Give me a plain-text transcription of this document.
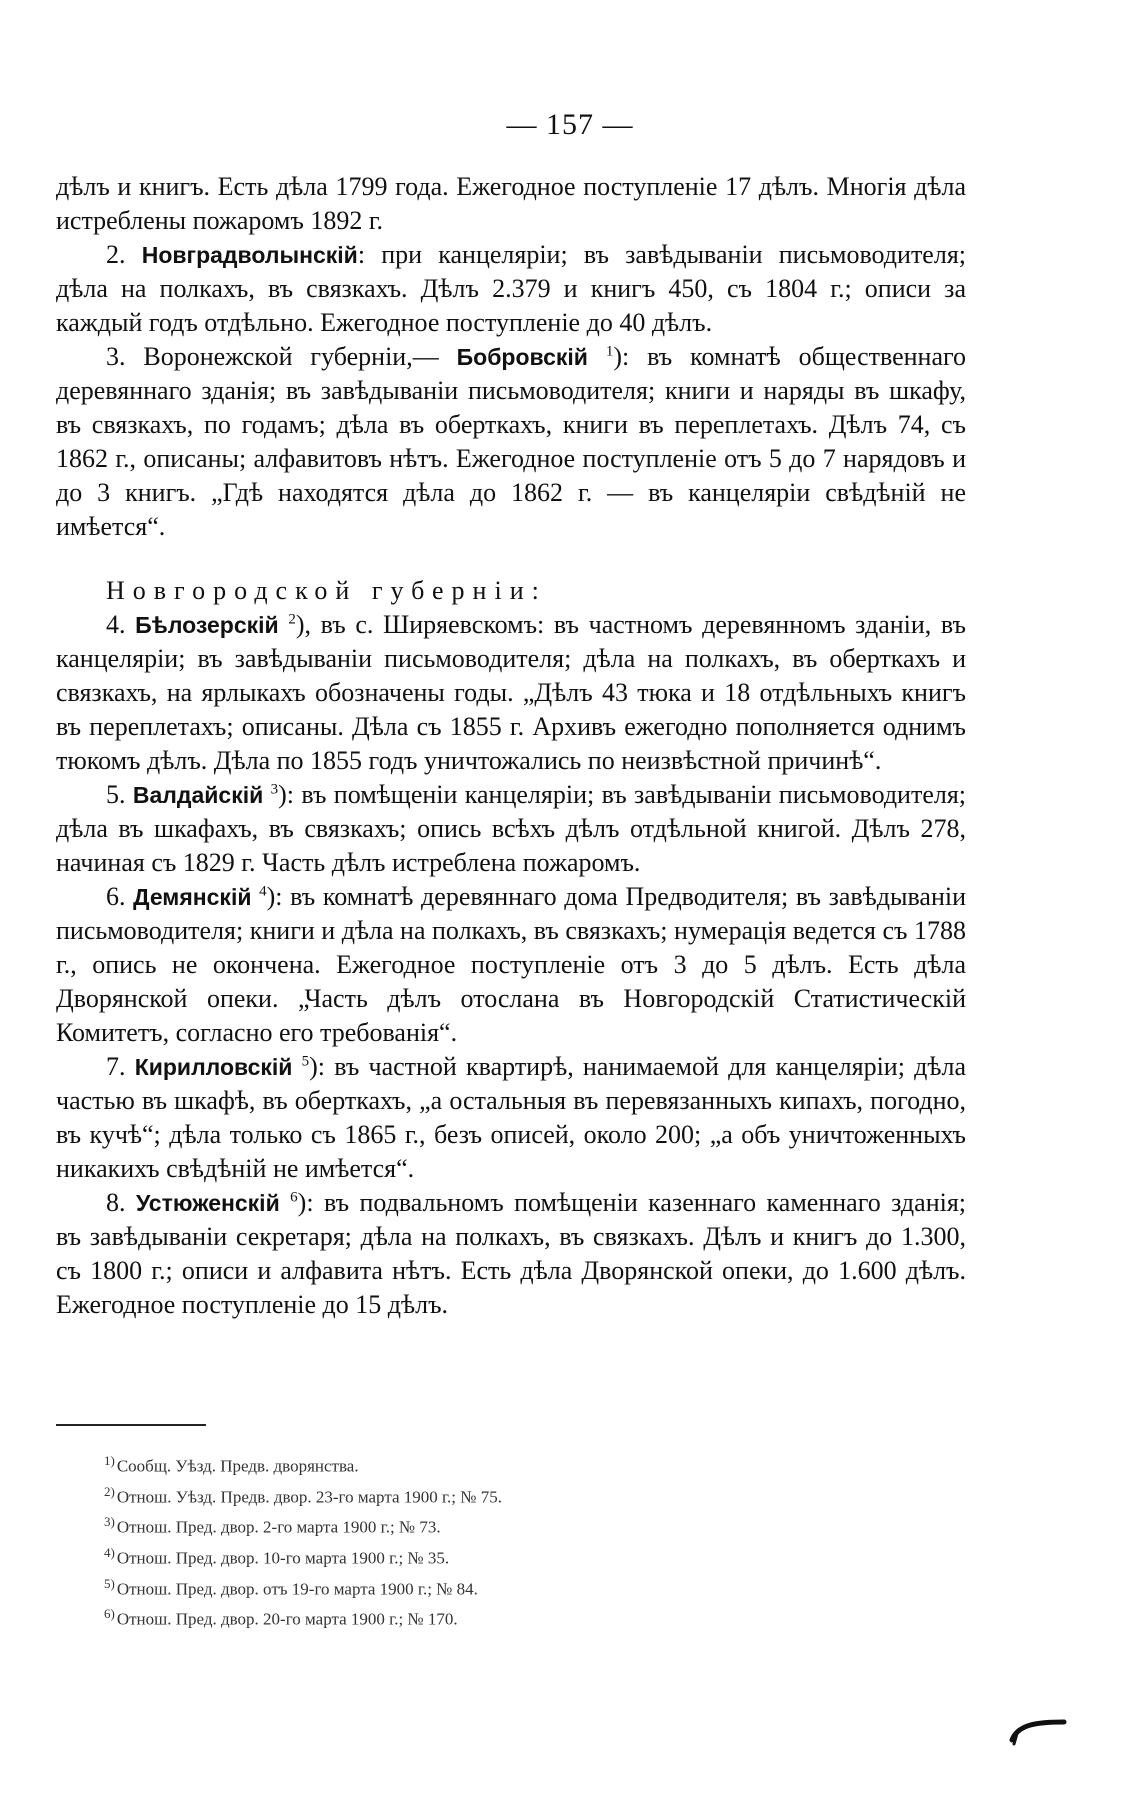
— 157 —

дѣлъ и книгъ. Есть дѣла 1799 года. Ежегодное поступленіе 17 дѣлъ. Многія дѣла истреблены пожаромъ 1892 г.

2. Новградволынскій: при канцеляріи; въ завѣдываніи письмоводителя; дѣла на полкахъ, въ связкахъ. Дѣлъ 2.379 и книгъ 450, съ 1804 г.; описи за каждый годъ отдѣльно. Ежегодное поступленіе до 40 дѣлъ.

3. Воронежской губерніи,— Бобровскій $^1$): въ комнатѣ общественнаго деревяннаго зданія; въ завѣдываніи письмоводителя; книги и наряды въ шкафу, въ связкахъ, по годамъ; дѣла въ оберткахъ, книги въ переплетахъ. Дѣлъ 74, съ 1862 г., описаны; алфавитовъ нѣтъ. Ежегодное поступленіе отъ 5 до 7 нарядовъ и до 3 книгъ. „Гдѣ находятся дѣла до 1862 г. — въ канцеляріи свѣдѣній не имѣется“.

Новгородской губерніи:

4. Бѣлозерскій $^2$), въ с. Ширяевскомъ: въ частномъ деревянномъ зданіи, въ канцеляріи; въ завѣдываніи письмоводителя; дѣла на полкахъ, въ оберткахъ и связкахъ, на ярлыкахъ обозначены годы. „Дѣлъ 43 тюка и 18 отдѣльныхъ книгъ въ переплетахъ; описаны. Дѣла съ 1855 г. Архивъ ежегодно пополняется однимъ тюкомъ дѣлъ. Дѣла по 1855 годъ уничтожались по неизвѣстной причинѣ“.

5. Валдайскій $^3$): въ помѣщеніи канцеляріи; въ завѣдываніи письмоводителя; дѣла въ шкафахъ, въ связкахъ; опись всѣхъ дѣлъ отдѣльной книгой. Дѣлъ 278, начиная съ 1829 г. Часть дѣлъ истреблена пожаромъ.

6. Демянскій $^4$): въ комнатѣ деревяннаго дома Предводителя; въ завѣдываніи письмоводителя; книги и дѣла на полкахъ, въ связкахъ; нумерація ведется съ 1788 г., опись не окончена. Ежегодное поступленіе отъ 3 до 5 дѣлъ. Есть дѣла Дворянской опеки. „Часть дѣлъ отослана въ Новгородскій Статистическій Комитетъ, согласно его требованія“.

7. Кирилловскій $^5$): въ частной квартирѣ, нанимаемой для канцеляріи; дѣла частью въ шкафѣ, въ оберткахъ, „а остальныя въ перевязанныхъ кипахъ, погодно, въ кучѣ“; дѣла только съ 1865 г., безъ описей, около 200; „а объ уничтоженныхъ никакихъ свѣдѣній не имѣется“.

8. Устюженскій $^6$): въ подвальномъ помѣщеніи казеннаго каменнаго зданія; въ завѣдываніи секретаря; дѣла на полкахъ, въ связкахъ. Дѣлъ и книгъ до 1.300, съ 1800 г.; описи и алфавита нѣтъ. Есть дѣла Дворянской опеки, до 1.600 дѣлъ. Ежегодное поступленіе до 15 дѣлъ.

$^{1)}$ Сообщ. Уѣзд. Предв. дворянства.
$^{2)}$ Отнош. Уѣзд. Предв. двор. 23-го марта 1900 г.; № 75.
$^{3)}$ Отнош. Пред. двор. 2-го марта 1900 г.; № 73.
$^{4)}$ Отнош. Пред. двор. 10-го марта 1900 г.; № 35.
$^{5)}$ Отнош. Пред. двор. отъ 19-го марта 1900 г.; № 84.
$^{6)}$ Отнош. Пред. двор. 20-го марта 1900 г.; № 170.
